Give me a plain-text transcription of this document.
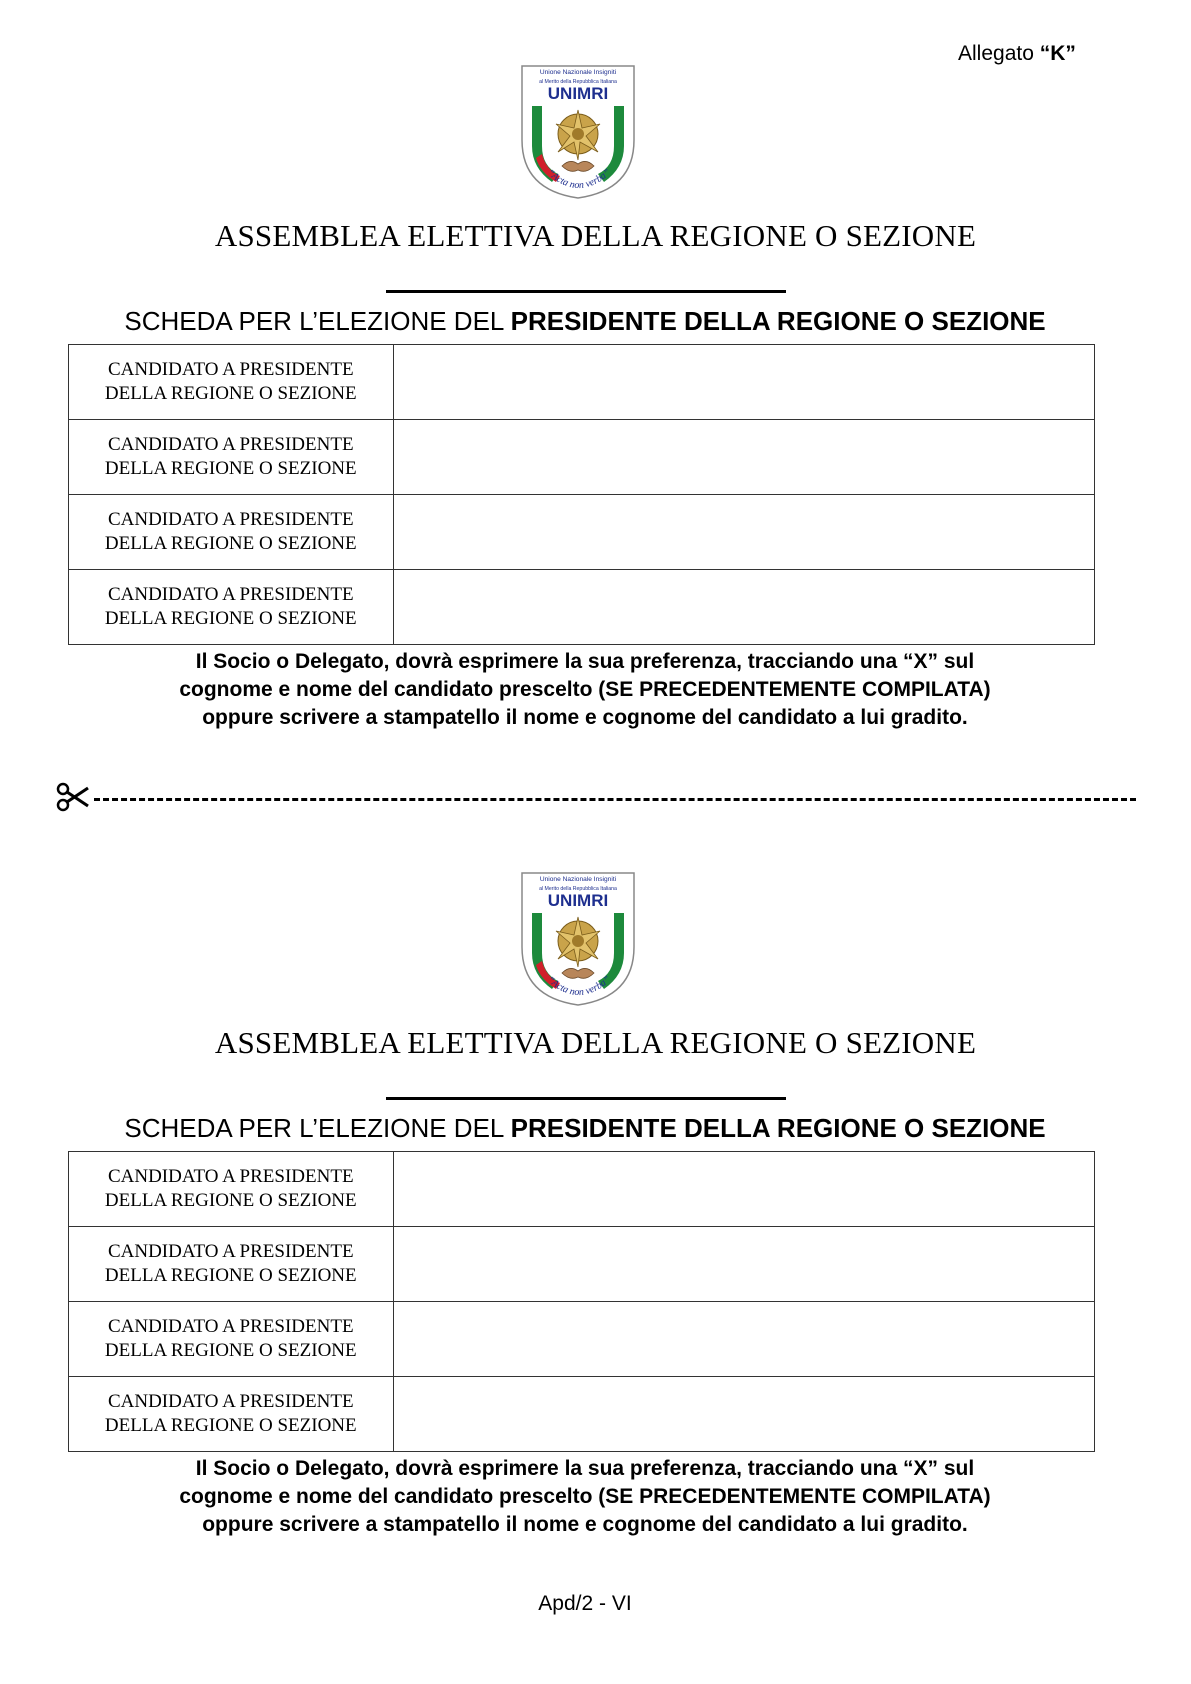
Allegato “K”
Unione Nazionale Insigniti
al Merito della Repubblica Italiana
UNIMRI
“Acta non verba”
ASSEMBLEA ELETTIVA DELLA REGIONE O SEZIONE
SCHEDA PER L’ELEZIONE DEL PRESIDENTE DELLA REGIONE O SEZIONE
CANDIDATO A PRESIDENTE
DELLA REGIONE O SEZIONE	

CANDIDATO A PRESIDENTE
DELLA REGIONE O SEZIONE	

CANDIDATO A PRESIDENTE
DELLA REGIONE O SEZIONE	

CANDIDATO A PRESIDENTE
DELLA REGIONE O SEZIONE	

Il Socio o Delegato, dovrà esprimere la sua preferenza, tracciando una “X” sul
cognome e nome del candidato prescelto (SE PRECEDENTEMENTE COMPILATA)
oppure scrivere a stampatello il nome e cognome del candidato a lui gradito.
Unione Nazionale Insigniti
al Merito della Repubblica Italiana
UNIMRI
“Acta non verba”
ASSEMBLEA ELETTIVA DELLA REGIONE O SEZIONE
SCHEDA PER L’ELEZIONE DEL PRESIDENTE DELLA REGIONE O SEZIONE
CANDIDATO A PRESIDENTE
DELLA REGIONE O SEZIONE	

CANDIDATO A PRESIDENTE
DELLA REGIONE O SEZIONE	

CANDIDATO A PRESIDENTE
DELLA REGIONE O SEZIONE	

CANDIDATO A PRESIDENTE
DELLA REGIONE O SEZIONE	

Il Socio o Delegato, dovrà esprimere la sua preferenza, tracciando una “X” sul
cognome e nome del candidato prescelto (SE PRECEDENTEMENTE COMPILATA)
oppure scrivere a stampatello il nome e cognome del candidato a lui gradito.
Apd/2 - VI
